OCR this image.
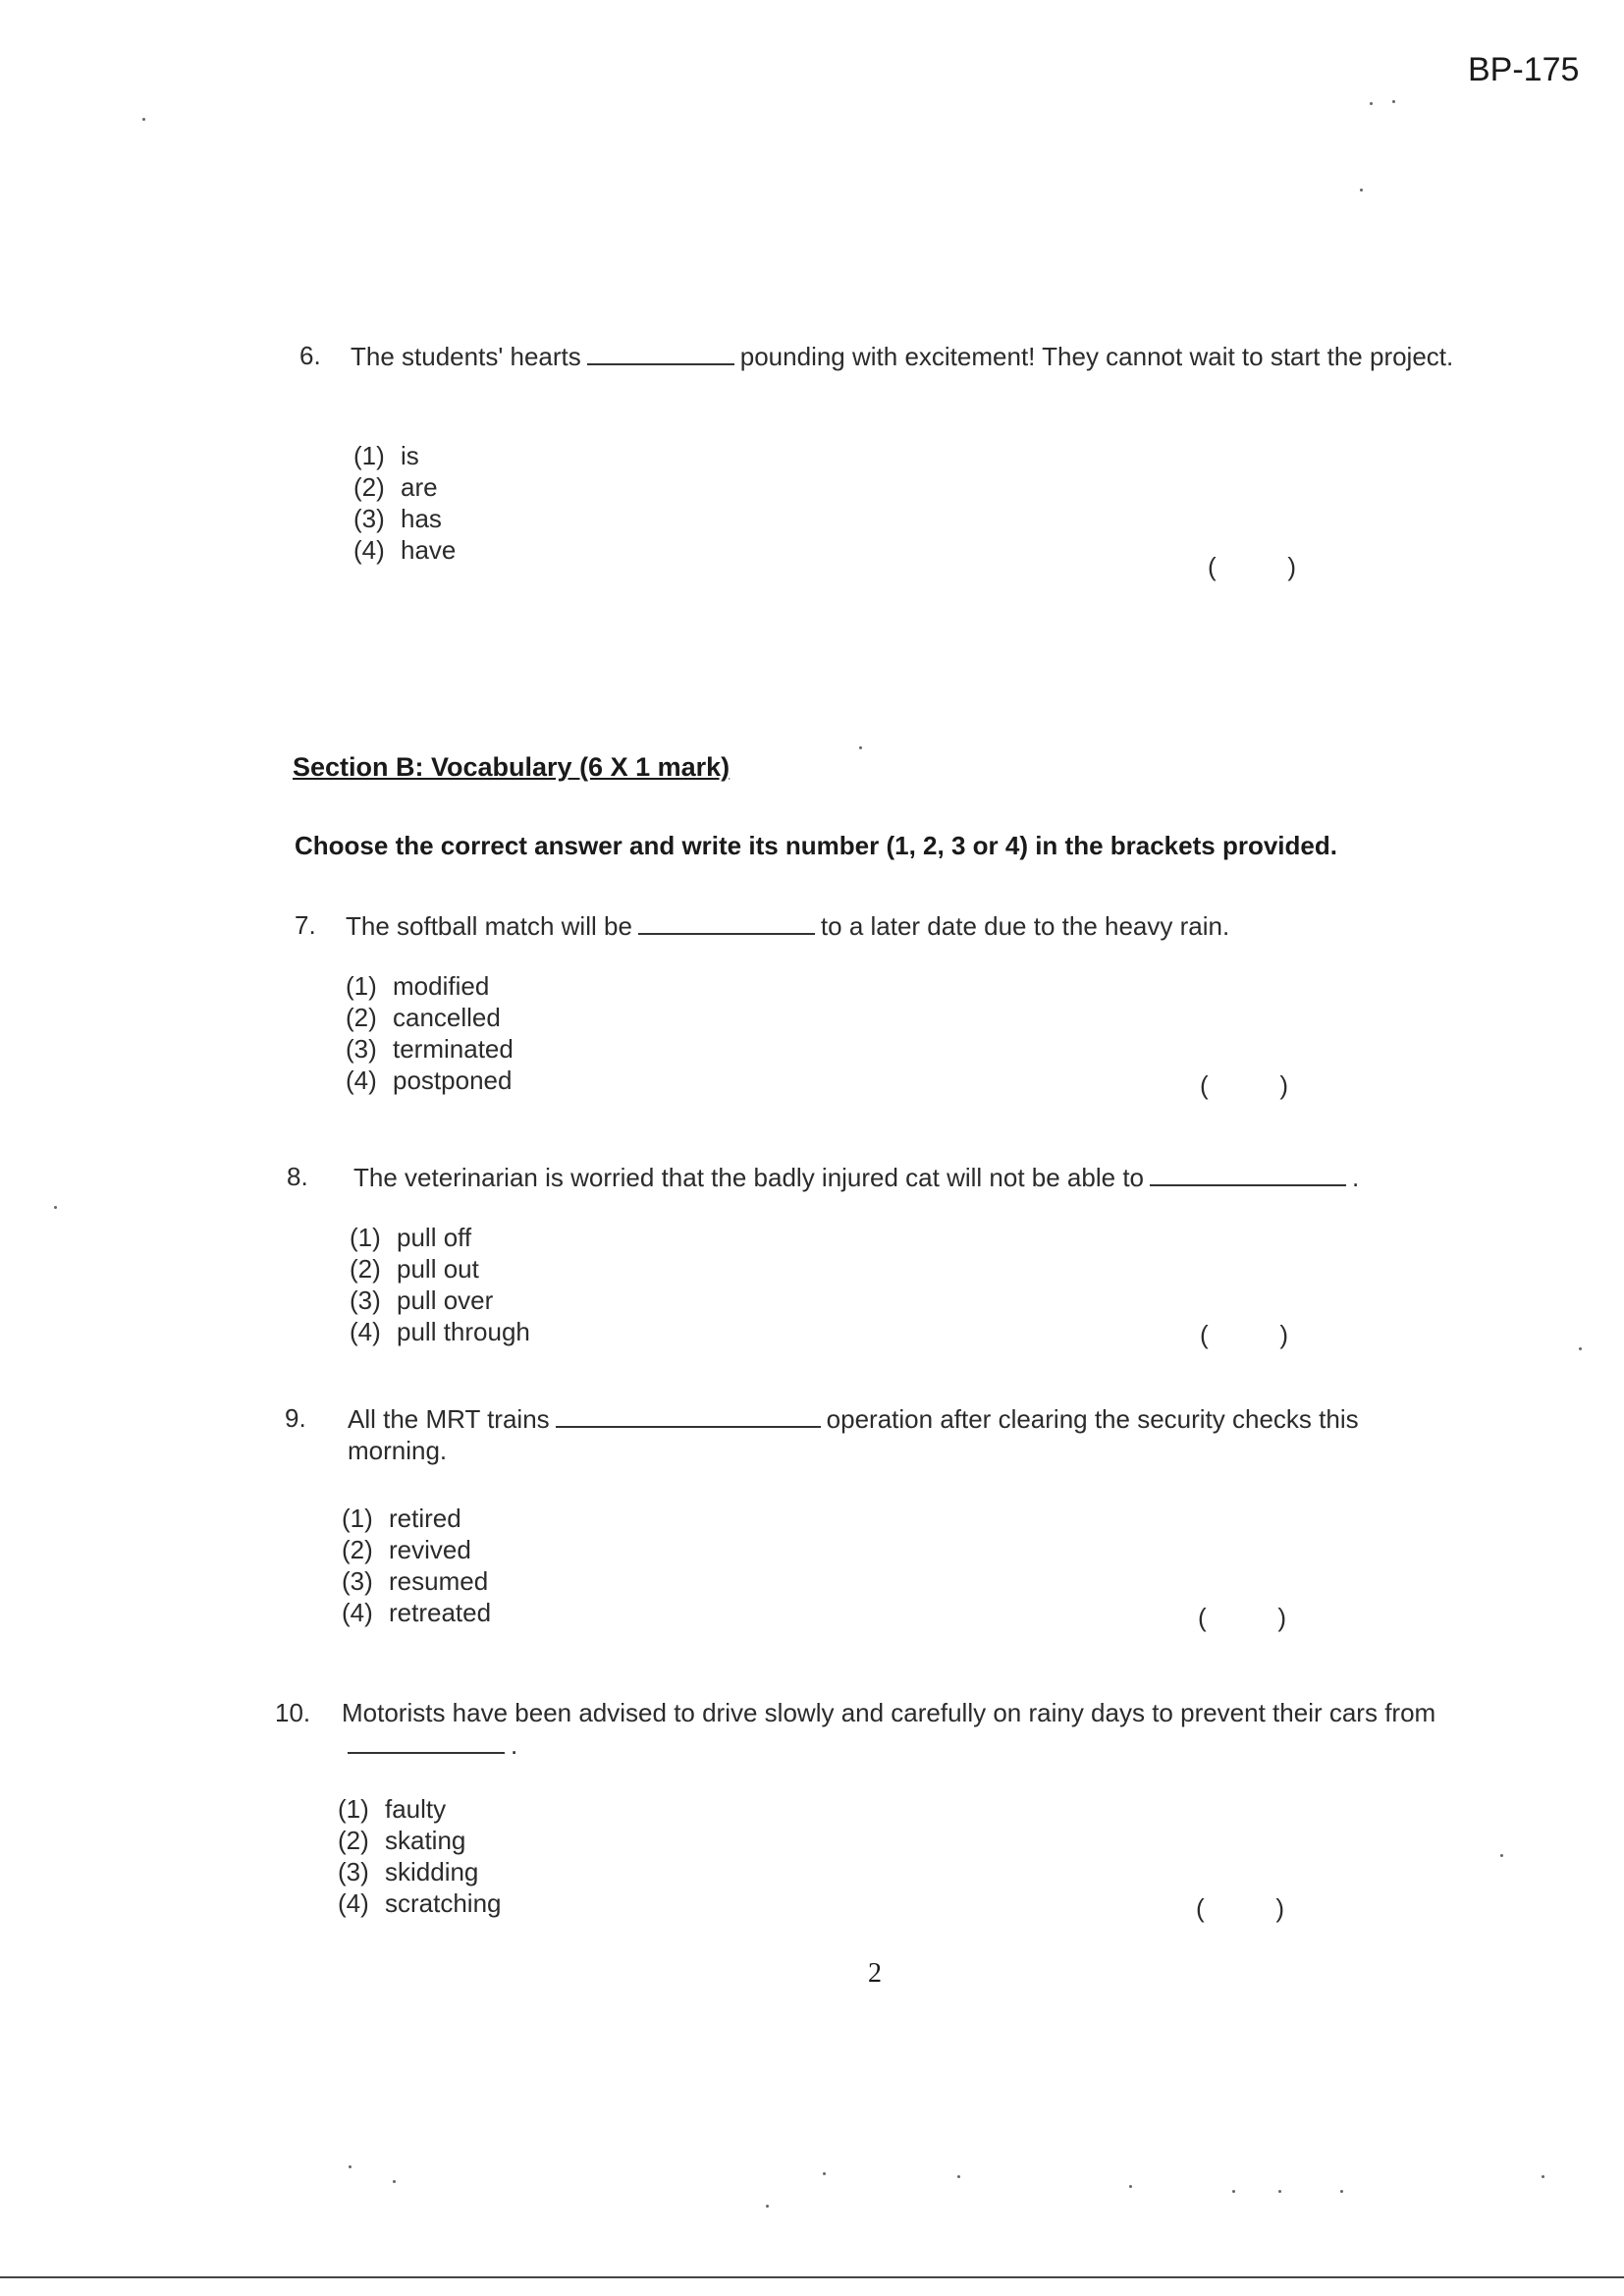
BP-175
6. The students' hearts	pounding with excitement! They cannot wait to start the project.
(1) is
(2) are
(3) has
(4) have
(	)
Section B: Vocabulary (6 X 1 mark)
Choose the correct answer and write its number (1, 2, 3 or 4) in the brackets provided.
7. The softball match will be	to a later date due to the heavy rain.
(1) modified
(2) cancelled
(3) terminated
(4) postponed	(	)
8. The veterinarian is worried that the badly injured cat will not be able to	.
(1) pull off
(2) pull out
(3) pull over
(4) pull through	(	)
9. All the MRT trains	operation after clearing the security checks this morning.
(1) retired
(2) revived
(3) resumed
(4) retreated	(	)
10. Motorists have been advised to drive slowly and carefully on rainy days to prevent their cars from.
(1) faulty
(2) skating
(3) skidding
(4) scratching	(	)
2
